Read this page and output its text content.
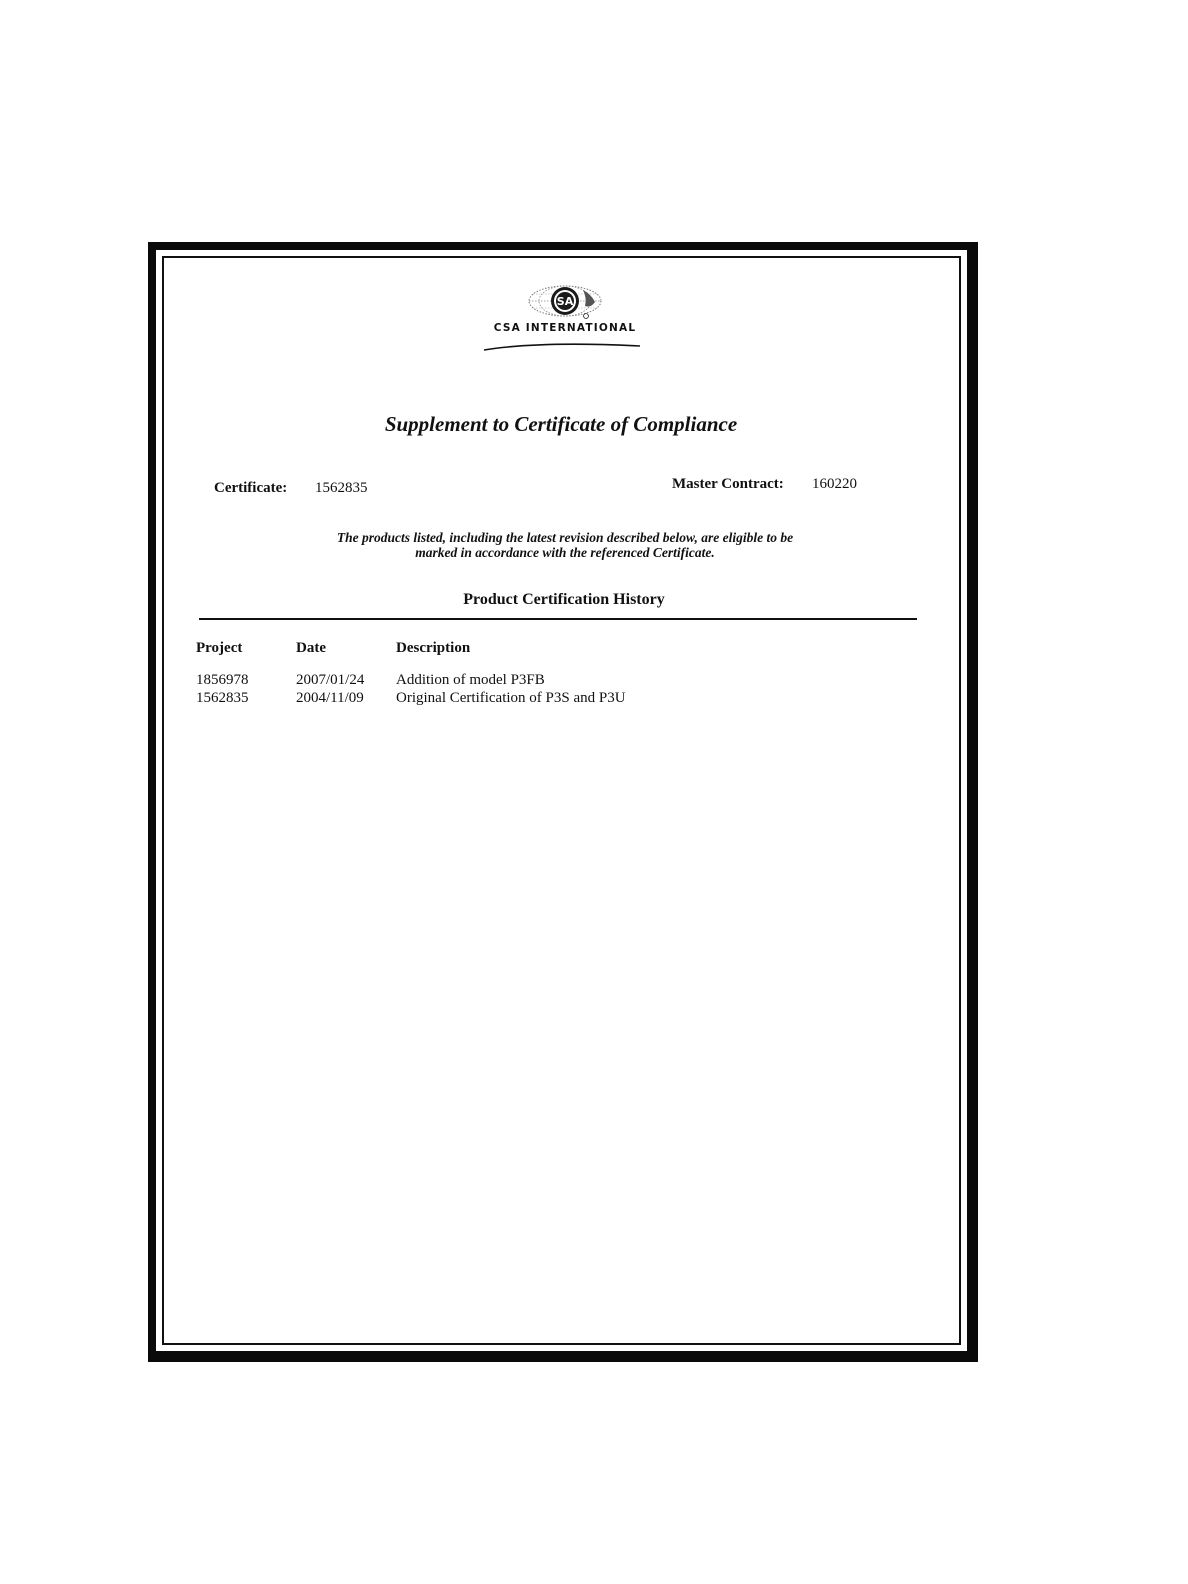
SA
CSA INTERNATIONAL
Supplement to Certificate of Compliance
Certificate: 1562835	Master Contract: 160220
The products listed, including the latest revision described below, are eligible to be
marked in accordance with the referenced Certificate.
Product Certification History
Project	Date	Description
1856978	2007/01/24 Addition of model P3FB
1562835	2004/11/09 Original Certification of P3S and P3U
